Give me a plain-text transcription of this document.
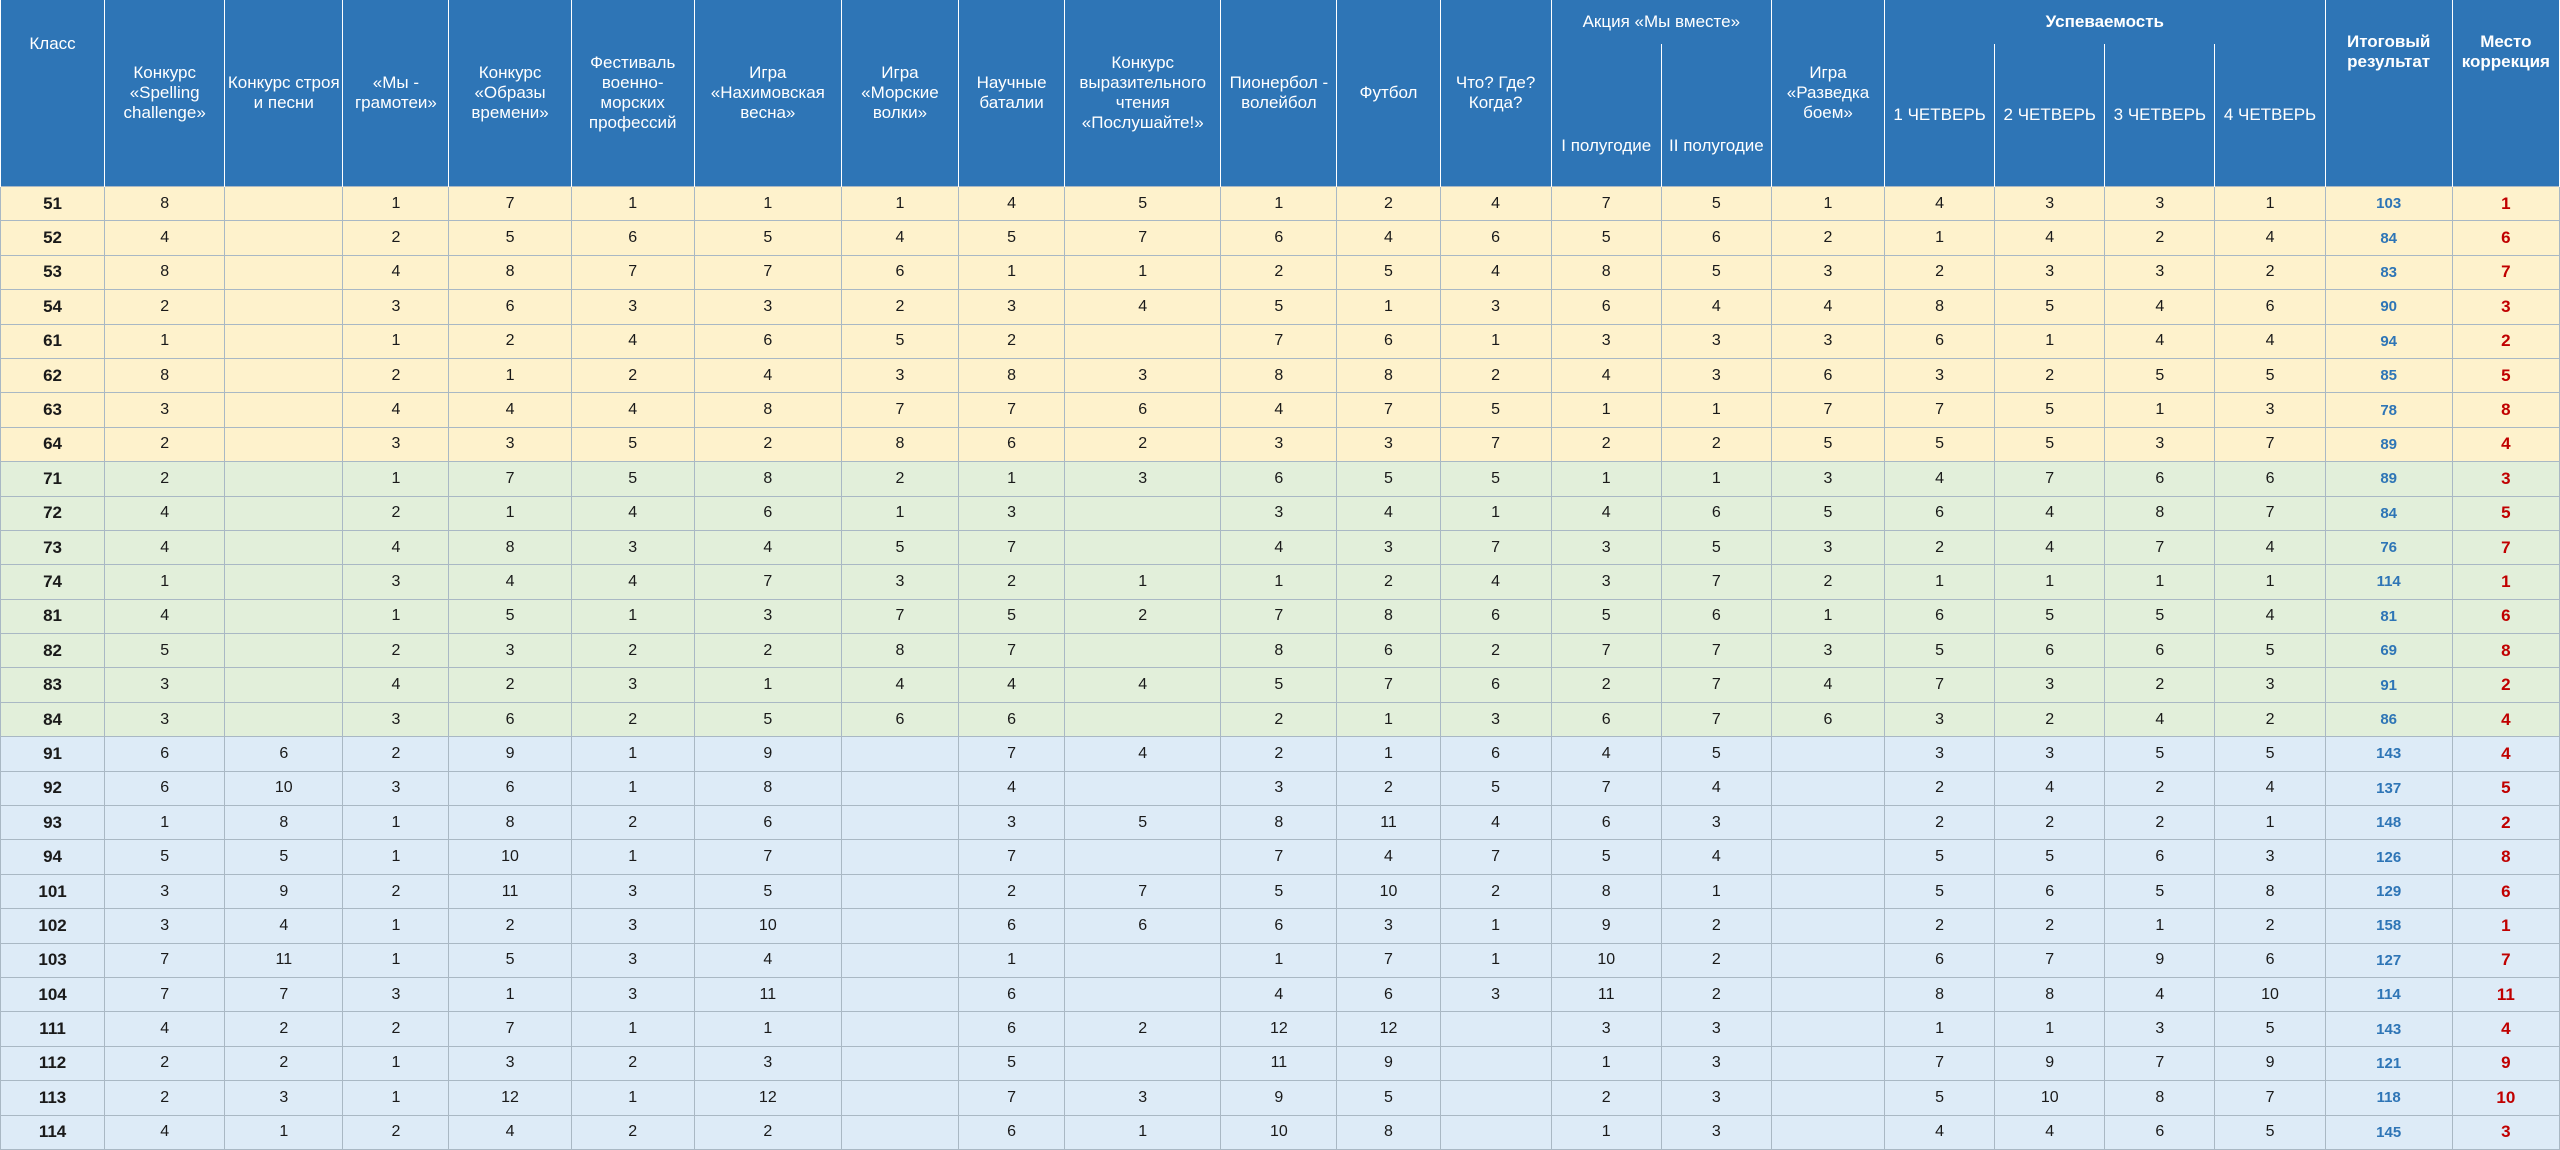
Класс	Конкурс «Spelling challenge»	Конкурс строя и песни	«Мы - грамотеи»	Конкурс «Образы времени»	Фестиваль военно-морских профессий	Игра «Нахимовская весна»	Игра «Морские волки»	Научные баталии	Конкурс выразительного чтения «Послушайте!»	Пионербол - волейбол	Футбол	Что? Где? Когда?	Акция «Мы вместе»		Игра «Разведка боем»	Успеваемость				Итоговый результат	Место коррекция
													I полугодие	II полугодие		1 ЧЕТВЕРЬ	2 ЧЕТВЕРЬ	3 ЧЕТВЕРЬ	4 ЧЕТВЕРЬ		
51	8		1	7	1	1	1	4	5	1	2	4	7	5	1	4	3	3	1	103	1
52	4		2	5	6	5	4	5	7	6	4	6	5	6	2	1	4	2	4	84	6
53	8		4	8	7	7	6	1	1	2	5	4	8	5	3	2	3	3	2	83	7
54	2		3	6	3	3	2	3	4	5	1	3	6	4	4	8	5	4	6	90	3
61	1		1	2	4	6	5	2		7	6	1	3	3	3	6	1	4	4	94	2
62	8		2	1	2	4	3	8	3	8	8	2	4	3	6	3	2	5	5	85	5
63	3		4	4	4	8	7	7	6	4	7	5	1	1	7	7	5	1	3	78	8
64	2		3	3	5	2	8	6	2	3	3	7	2	2	5	5	5	3	7	89	4
71	2		1	7	5	8	2	1	3	6	5	5	1	1	3	4	7	6	6	89	3
72	4		2	1	4	6	1	3		3	4	1	4	6	5	6	4	8	7	84	5
73	4		4	8	3	4	5	7		4	3	7	3	5	3	2	4	7	4	76	7
74	1		3	4	4	7	3	2	1	1	2	4	3	7	2	1	1	1	1	114	1
81	4		1	5	1	3	7	5	2	7	8	6	5	6	1	6	5	5	4	81	6
82	5		2	3	2	2	8	7		8	6	2	7	7	3	5	6	6	5	69	8
83	3		4	2	3	1	4	4	4	5	7	6	2	7	4	7	3	2	3	91	2
84	3		3	6	2	5	6	6		2	1	3	6	7	6	3	2	4	2	86	4
91	6	6	2	9	1	9		7	4	2	1	6	4	5		3	3	5	5	143	4
92	6	10	3	6	1	8		4		3	2	5	7	4		2	4	2	4	137	5
93	1	8	1	8	2	6		3	5	8	11	4	6	3		2	2	2	1	148	2
94	5	5	1	10	1	7		7		7	4	7	5	4		5	5	6	3	126	8
101	3	9	2	11	3	5		2	7	5	10	2	8	1		5	6	5	8	129	6
102	3	4	1	2	3	10		6	6	6	3	1	9	2		2	2	1	2	158	1
103	7	11	1	5	3	4		1		1	7	1	10	2		6	7	9	6	127	7
104	7	7	3	1	3	11		6		4	6	3	11	2		8	8	4	10	114	11
111	4	2	2	7	1	1		6	2	12	12		3	3		1	1	3	5	143	4
112	2	2	1	3	2	3		5		11	9		1	3		7	9	7	9	121	9
113	2	3	1	12	1	12		7	3	9	5		2	3		5	10	8	7	118	10
114	4	1	2	4	2	2		6	1	10	8		1	3		4	4	6	5	145	3
